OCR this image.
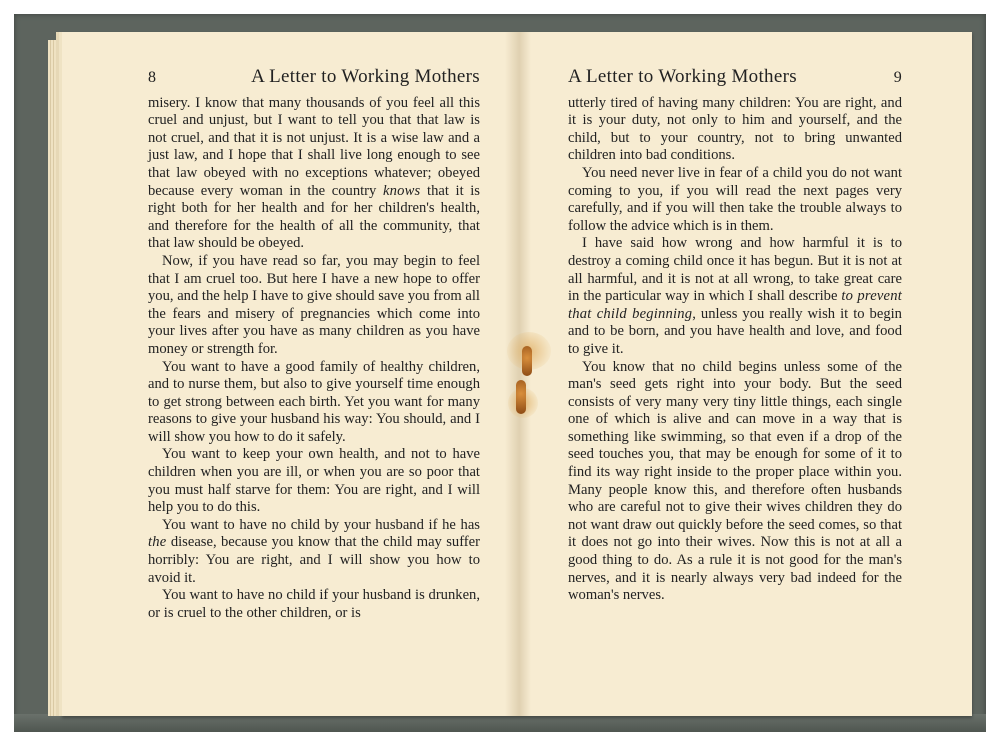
8	A Letter to Working Mothers

misery. I know that many thousands of you feel all this cruel and unjust, but I want to tell you that that law is not cruel, and that it is not unjust. It is a wise law and a just law, and I hope that I shall live long enough to see that law obeyed with no exceptions whatever; obeyed because every woman in the country knows that it is right both for her health and for her children's health, and therefore for the health of all the community, that that law should be obeyed.

Now, if you have read so far, you may begin to feel that I am cruel too. But here I have a new hope to offer you, and the help I have to give should save you from all the fears and misery of pregnancies which come into your lives after you have as many children as you have money or strength for.

You want to have a good family of healthy children, and to nurse them, but also to give yourself time enough to get strong between each birth. Yet you want for many reasons to give your husband his way: You should, and I will show you how to do it safely.

You want to keep your own health, and not to have children when you are ill, or when you are so poor that you must half starve for them: You are right, and I will help you to do this.

You want to have no child by your husband if he has the disease, because you know that the child may suffer horribly: You are right, and I will show you how to avoid it.

You want to have no child if your husband is drunken, or is cruel to the other children, or is

A Letter to Working Mothers	9

utterly tired of having many children: You are right, and it is your duty, not only to him and yourself, and the child, but to your country, not to bring unwanted children into bad conditions.

You need never live in fear of a child you do not want coming to you, if you will read the next pages very carefully, and if you will then take the trouble always to follow the advice which is in them.

I have said how wrong and how harmful it is to destroy a coming child once it has begun. But it is not at all harmful, and it is not at all wrong, to take great care in the particular way in which I shall describe to prevent that child beginning, unless you really wish it to begin and to be born, and you have health and love, and food to give it.

You know that no child begins unless some of the man's seed gets right into your body. But the seed consists of very many very tiny little things, each single one of which is alive and can move in a way that is something like swimming, so that even if a drop of the seed touches you, that may be enough for some of it to find its way right inside to the proper place within you. Many people know this, and therefore often husbands who are careful not to give their wives children they do not want draw out quickly before the seed comes, so that it does not go into their wives. Now this is not at all a good thing to do. As a rule it is not good for the man's nerves, and it is nearly always very bad indeed for the woman's nerves.
